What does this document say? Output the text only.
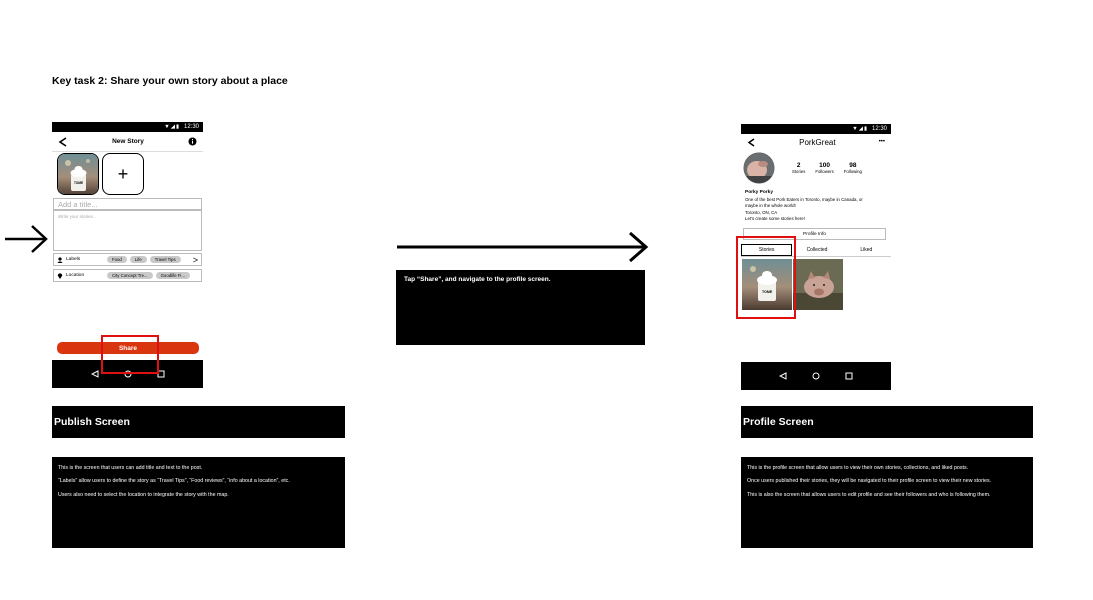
Key task 2: Share your own story about a place
▼◢▮ 12:30
New Story
TOME +
Add a title...
Write your stories...
Labels	Food	Life	Travel Tips	>
Location	City Concept Tre...	Goodlife Fi...
Share
Publish Screen

This is the screen that users can add title and text to the post.

“Labels” allow users to define the story as “Travel Tips”, “Food reviews”, “info about a location”, etc.

Users also need to select the location to integrate the story with the map.

Tap “Share”, and navigate to the profile screen.
▼◢▮ 12:30
PorkGreat	•••
2
Stories
100
Followers
98
Following
Porky Porky
One of the best Pork Eaters in Toronto, maybe in Canada, or
maybe in the whole world!
Toronto, ON, CA
Let's create some stories here!
Profile Info
Stories	Collected	Liked
TOME
Profile Screen

This is the profile screen that allow users to view their own stories, collections, and liked posts.

Once users published their stories, they will be navigated to their profile screen to view their new stories.

This is also the screen that allows users to edit profile and see their followers and who is following them.
